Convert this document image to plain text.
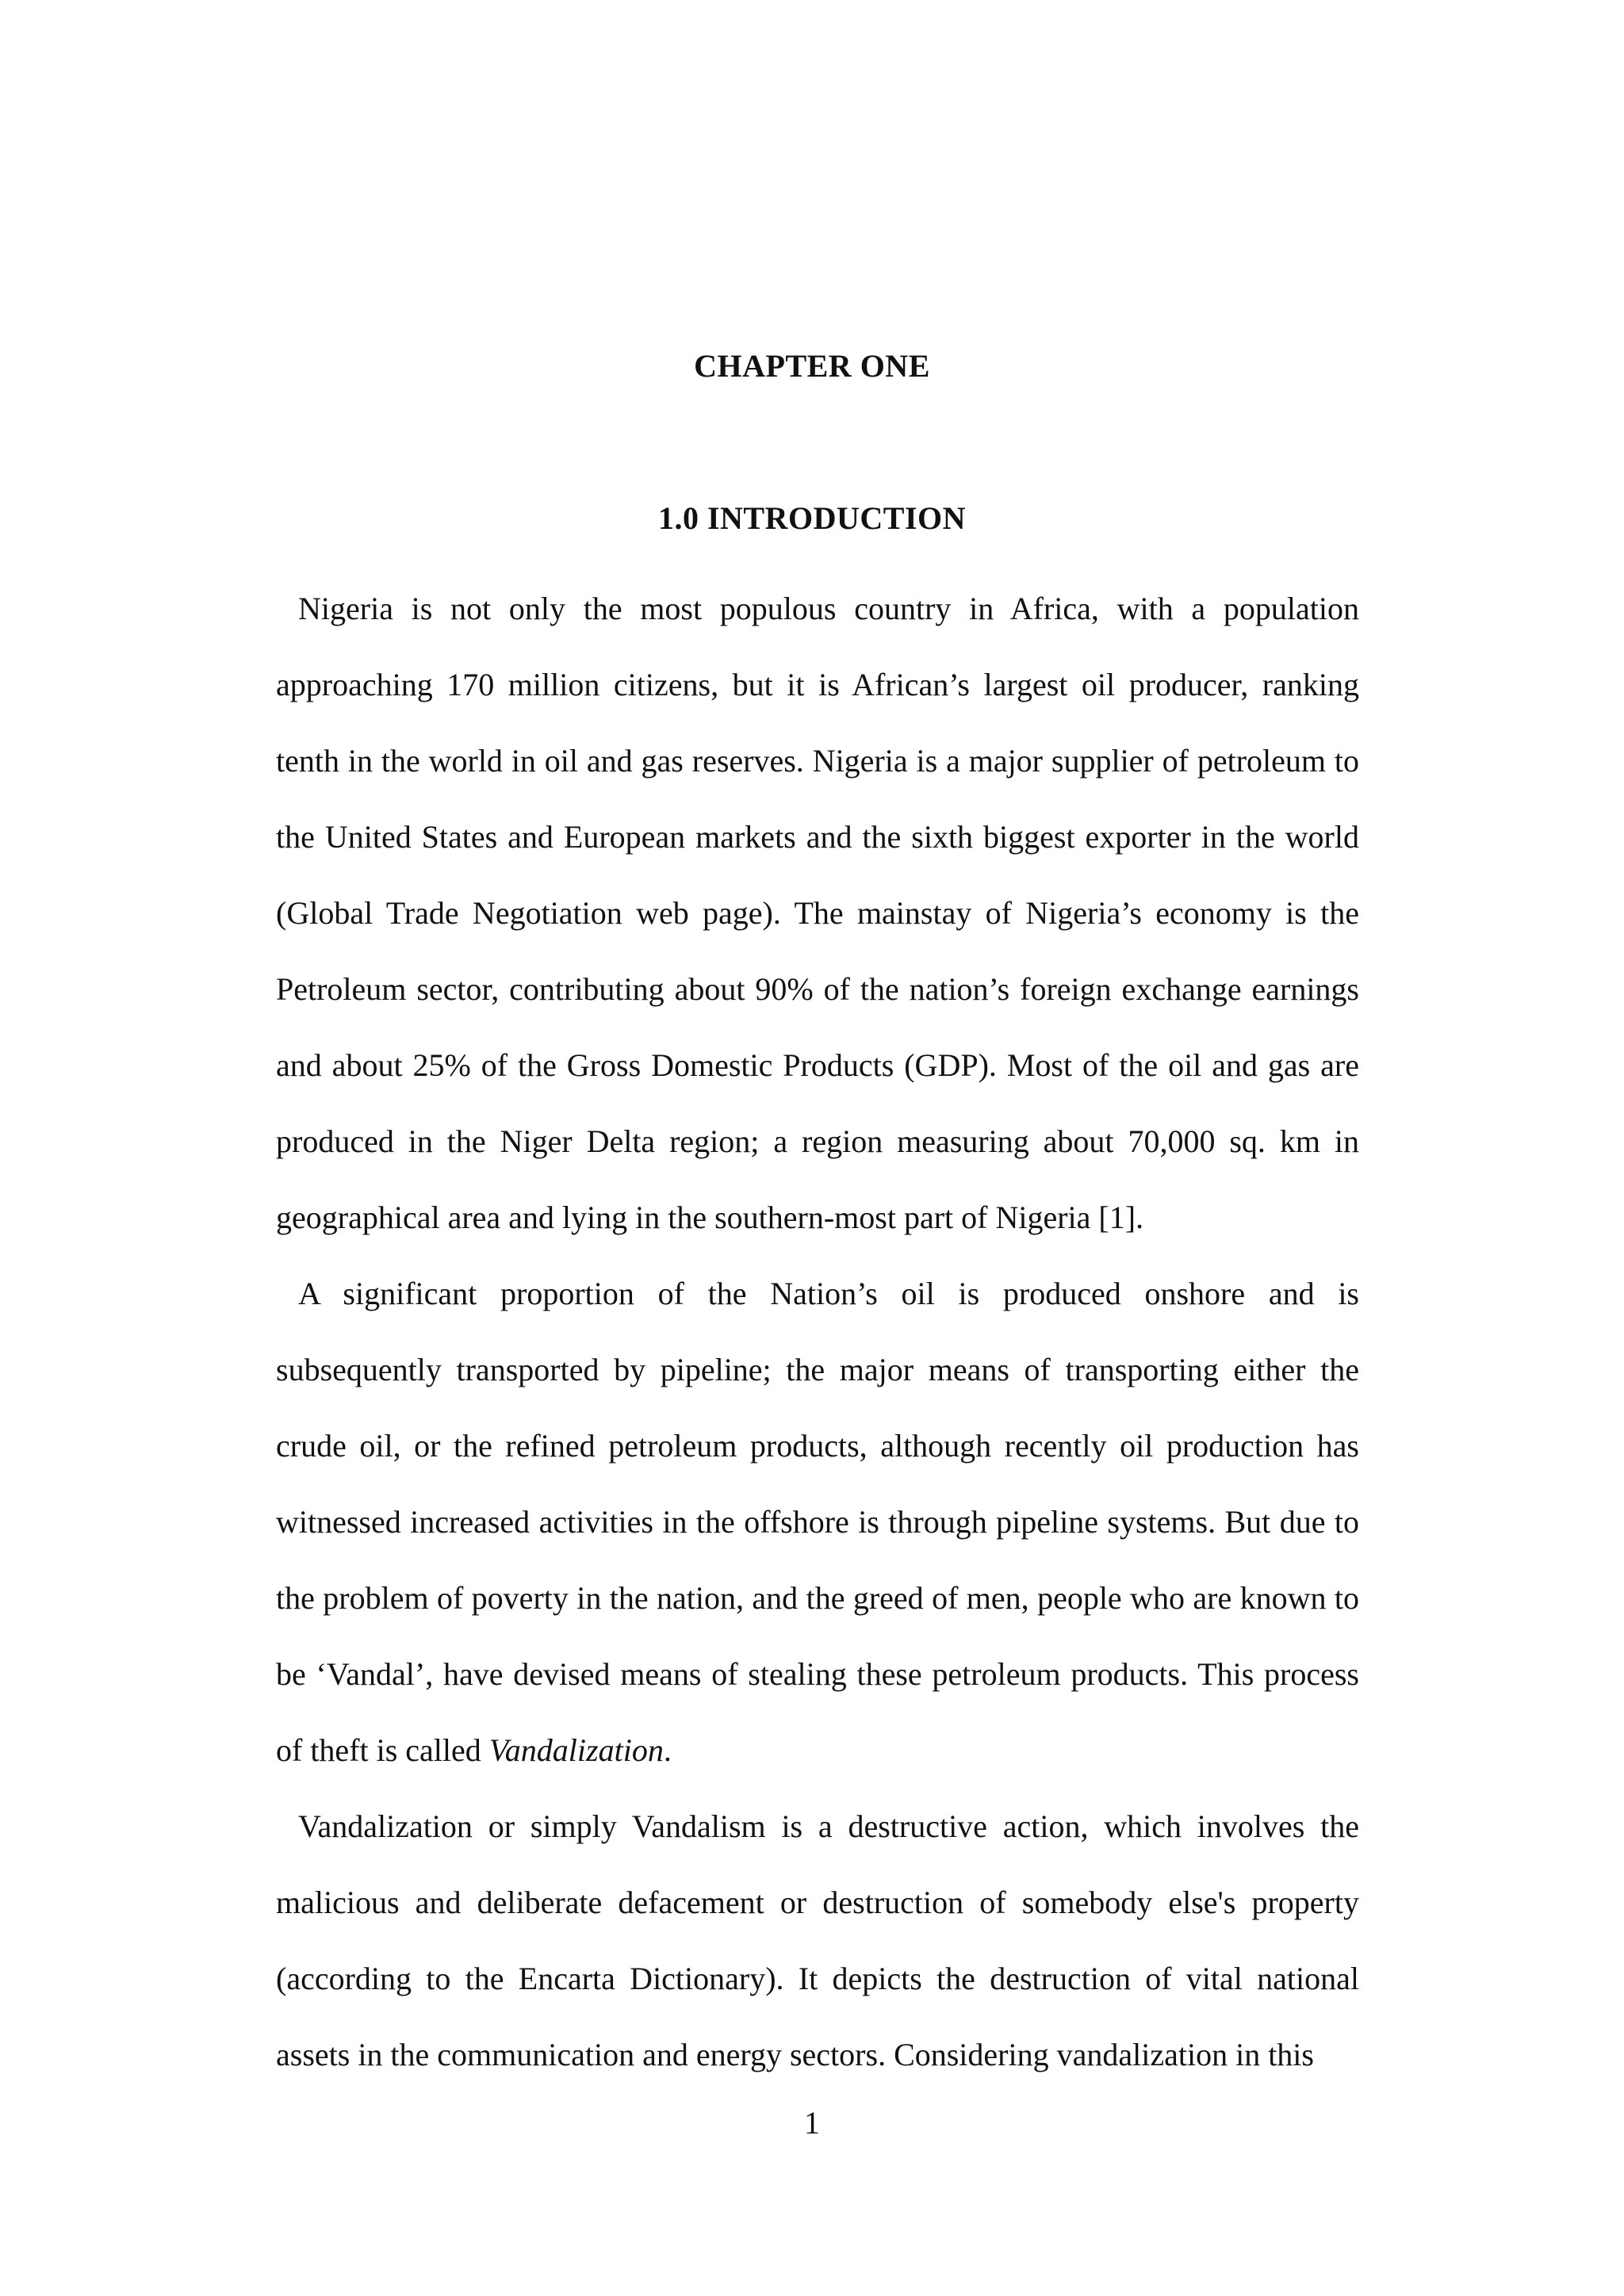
CHAPTER ONE
1.0 INTRODUCTION

Nigeria is not only the most populous country in Africa, with a population approaching 170 million citizens, but it is African’s largest oil producer, ranking tenth in the world in oil and gas reserves. Nigeria is a major supplier of petroleum to the United States and European markets and the sixth biggest exporter in the world (Global Trade Negotiation web page). The mainstay of Nigeria’s economy is the Petroleum sector, contributing about 90% of the nation’s foreign exchange earnings and about 25% of the Gross Domestic Products (GDP). Most of the oil and gas are produced in the Niger Delta region; a region measuring about 70,000 sq. km in geographical area and lying in the southern-most part of Nigeria [1].

A significant proportion of the Nation’s oil is produced onshore and is subsequently transported by pipeline; the major means of transporting either the crude oil, or the refined petroleum products, although recently oil production has witnessed increased activities in the offshore is through pipeline systems. But due to the problem of poverty in the nation, and the greed of men, people who are known to be ‘Vandal’, have devised means of stealing these petroleum products. This process of theft is called Vandalization.

Vandalization or simply Vandalism is a destructive action, which involves the malicious and deliberate defacement or destruction of somebody else's property (according to the Encarta Dictionary). It depicts the destruction of vital national assets in the communication and energy sectors. Considering vandalization in this

1
